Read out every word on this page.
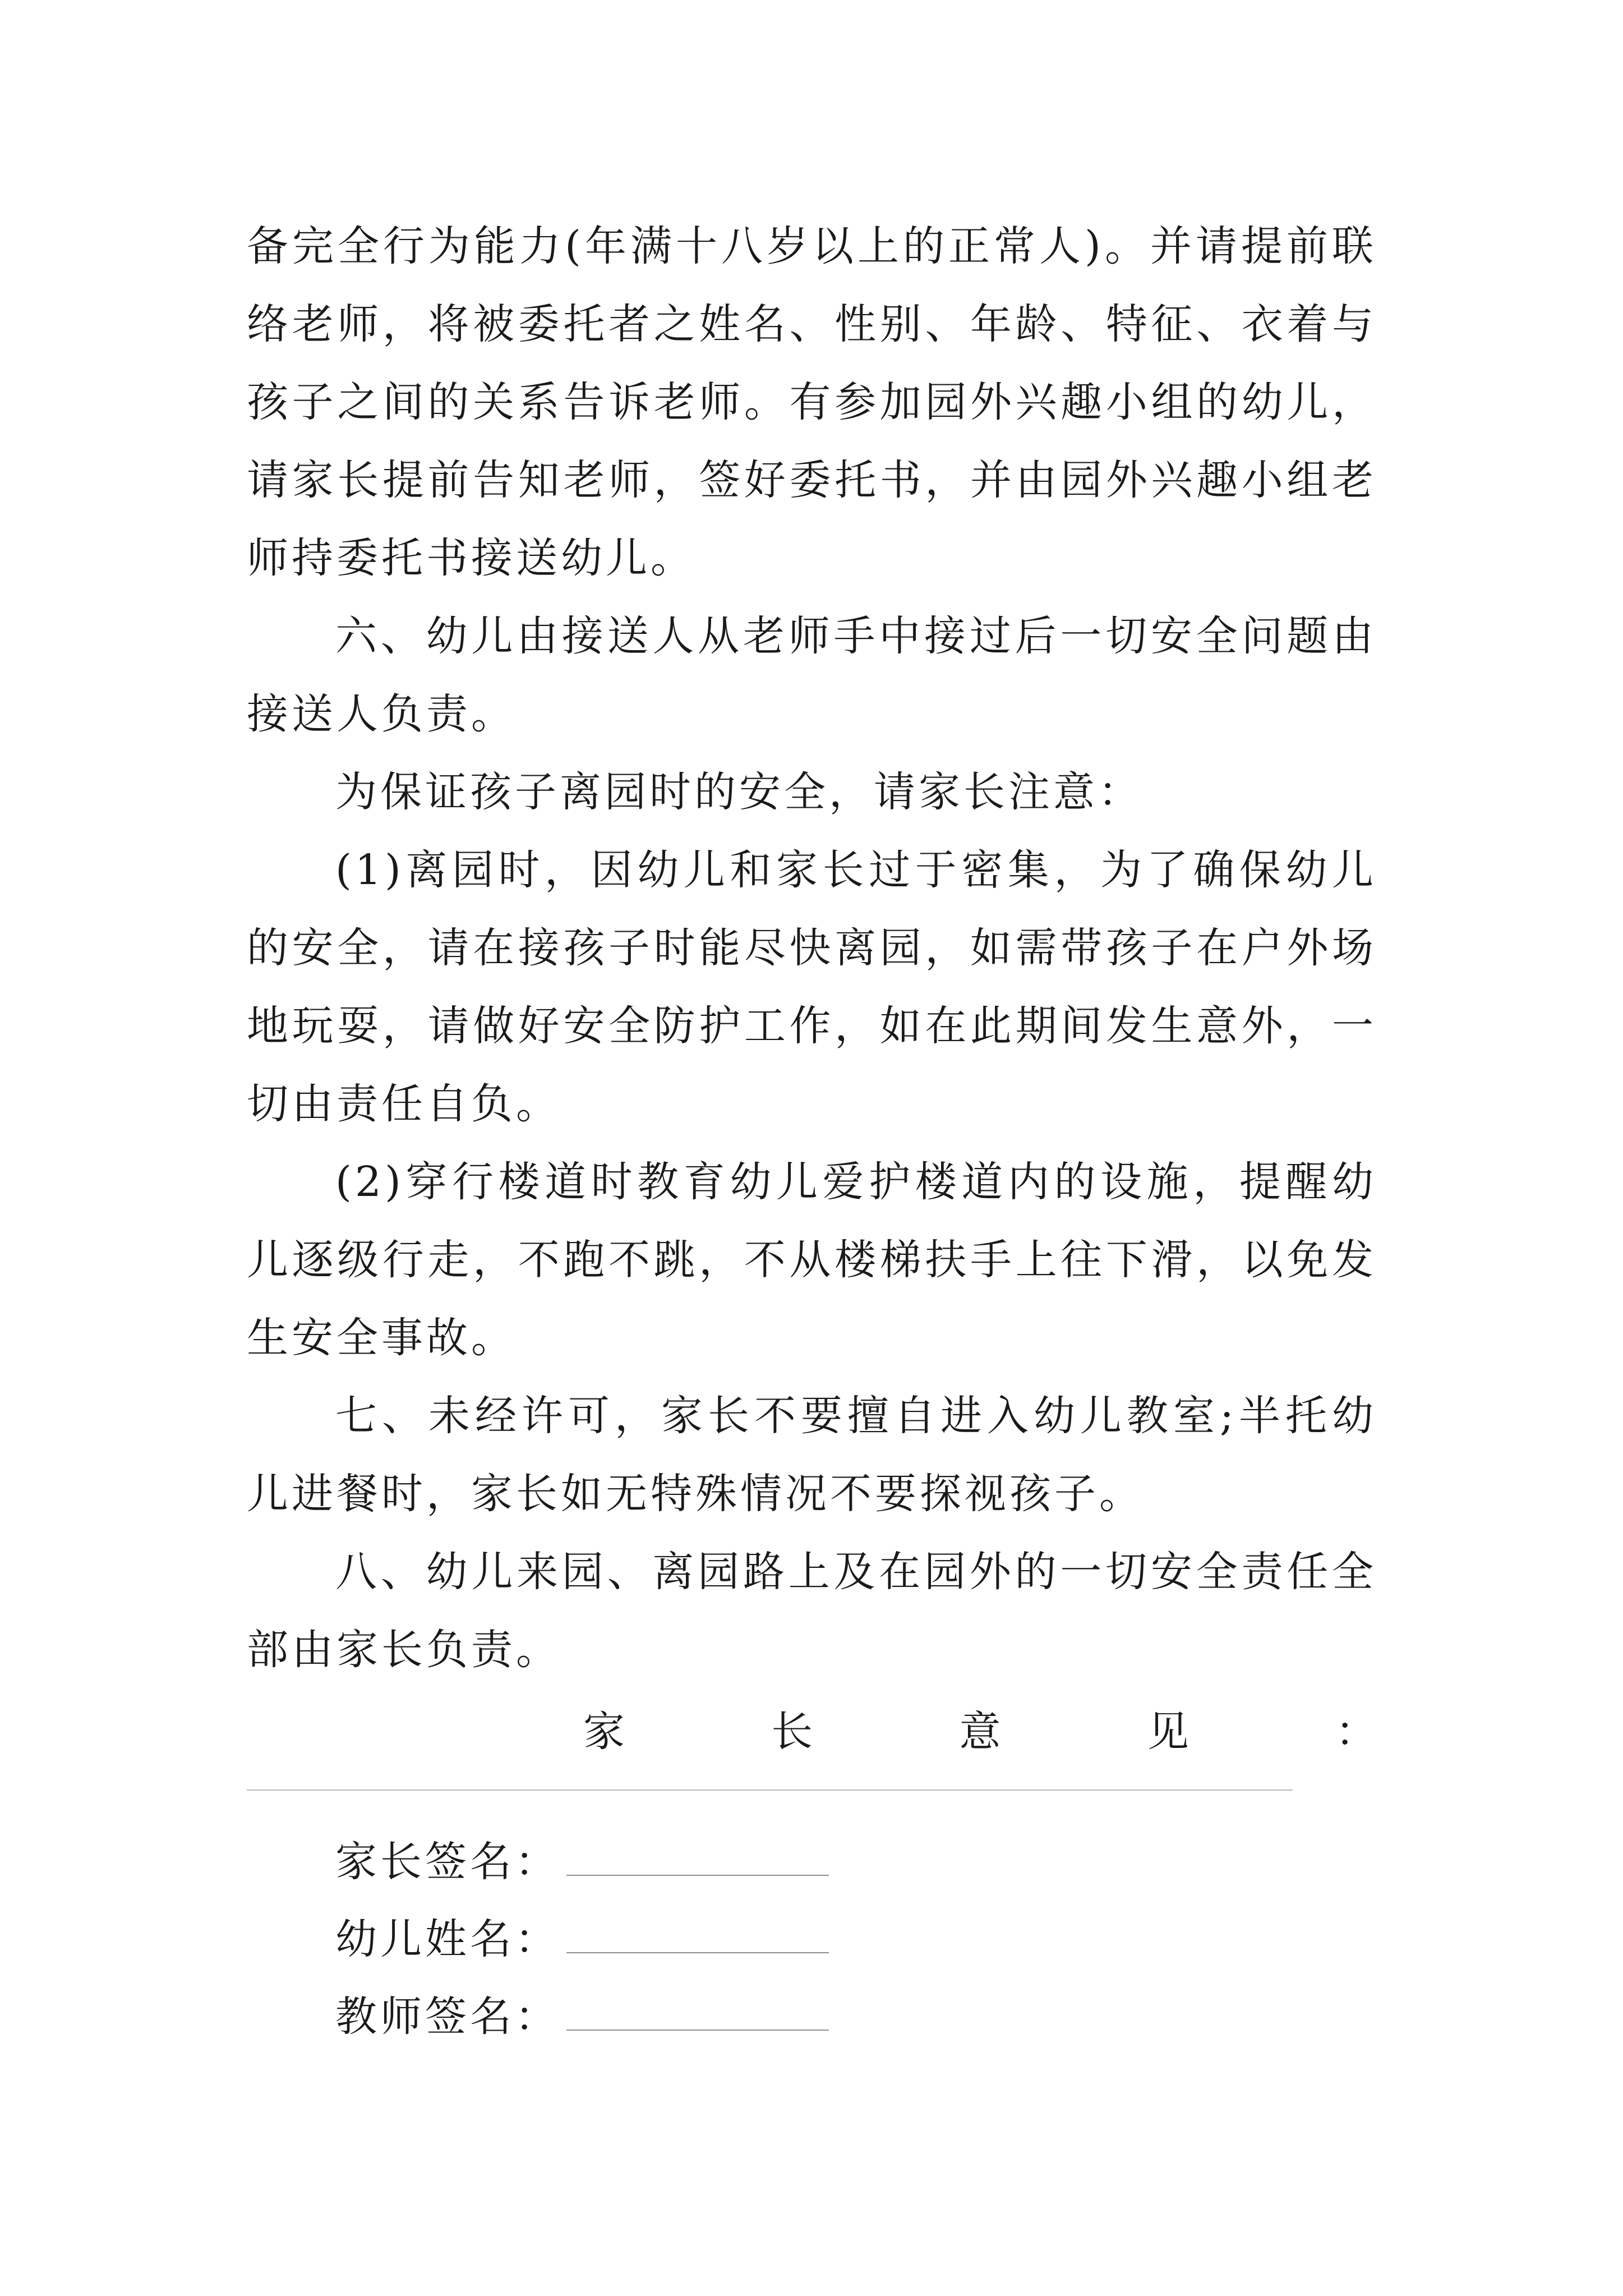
备完全行为能力(年满十八岁以上的正常人)。并请提前联络老师，将被委托者之姓名、性别、年龄、特征、衣着与孩子之间的关系告诉老师。有参加园外兴趣小组的幼儿，请家长提前告知老师，签好委托书，并由园外兴趣小组老师持委托书接送幼儿。

六、幼儿由接送人从老师手中接过后一切安全问题由接送人负责。

为保证孩子离园时的安全，请家长注意：

(1)离园时，因幼儿和家长过于密集，为了确保幼儿的安全，请在接孩子时能尽快离园，如需带孩子在户外场地玩耍，请做好安全防护工作，如在此期间发生意外，一切由责任自负。

(2)穿行楼道时教育幼儿爱护楼道内的设施，提醒幼儿逐级行走，不跑不跳，不从楼梯扶手上往下滑，以免发生安全事故。

七、未经许可，家长不要擅自进入幼儿教室;半托幼儿进餐时，家长如无特殊情况不要探视孩子。

八、幼儿来园、离园路上及在园外的一切安全责任全部由家长负责。

家	长	意	见	：
家长签名：
幼儿姓名：
教师签名：
